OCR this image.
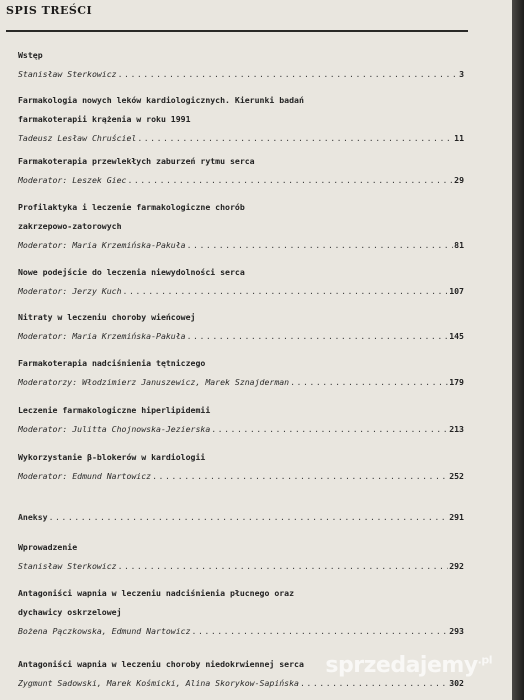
SPIS TREŚCI
Wstęp
Stanisław Sterkowicz .....	3
Farmakologia nowych leków kardiologicznych. Kierunki badań
farmakoterapii krążenia w roku 1991
Tadeusz Lesław Chruściel .....	11
Farmakoterapia przewlekłych zaburzeń rytmu serca
Moderator: Leszek Giec .....	29
Profilaktyka i leczenie farmakologiczne chorób
zakrzepowo-zatorowych
Moderator: Maria Krzemińska-Pakuła .....	81
Nowe podejście do leczenia niewydolności serca
Moderator: Jerzy Kuch .....	107
Nitraty w leczeniu choroby wieńcowej
Moderator: Maria Krzemińska-Pakuła .....	145
Farmakoterapia nadciśnienia tętniczego
Moderatorzy: Włodzimierz Januszewicz, Marek Sznajderman .....	179
Leczenie farmakologiczne hiperlipidemii
Moderator: Julitta Chojnowska-Jezierska .....	213
Wykorzystanie β-blokerów w kardiologii
Moderator: Edmund Nartowicz .....	252
Aneksy .....	291
Wprowadzenie
Stanisław Sterkowicz .....	292
Antagoniści wapnia w leczeniu nadciśnienia płucnego oraz
dychawicy oskrzelowej
Bożena Pączkowska, Edmund Nartowicz .....	293
Antagoniści wapnia w leczeniu choroby niedokrwiennej serca
Zygmunt Sadowski, Marek Kośmicki, Alina Skorykow-Sapińska .....	302
sprzedajemy$^{.pl}$
